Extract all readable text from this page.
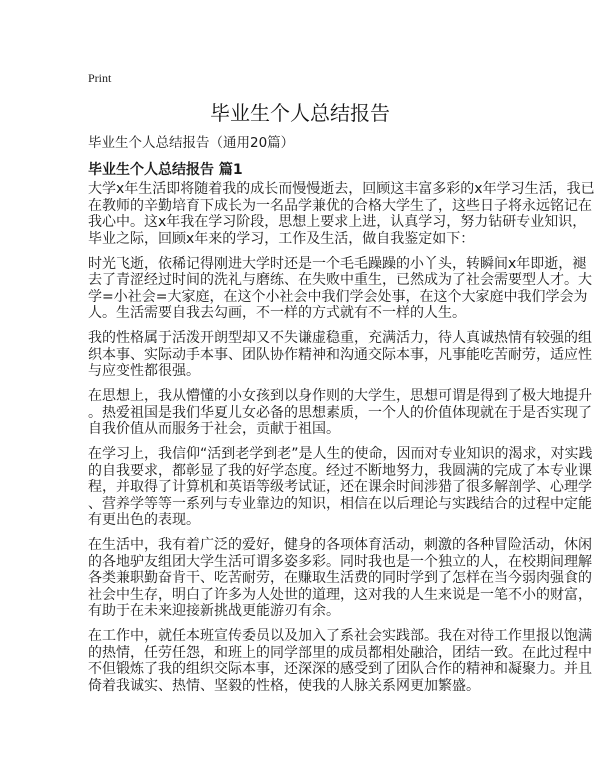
Print
毕业生个人总结报告
毕业生个人总结报告（通用20篇）
毕业生个人总结报告 篇1

大学x年生活即将随着我的成长而慢慢逝去，回顾这丰富多彩的x年学习生活，我已
在教师的辛勤培育下成长为一名品学兼优的合格大学生了，这些日子将永远铭记在
我心中。这x年我在学习阶段，思想上要求上进，认真学习，努力钻研专业知识，
毕业之际，回顾x年来的学习，工作及生活，做自我鉴定如下：

时光飞逝，依稀记得刚进大学时还是一个毛毛躁躁的小丫头，转瞬间x年即逝，褪
去了青涩经过时间的洗礼与磨练、在失败中重生，已然成为了社会需要型人才。大
学=小社会=大家庭，在这个小社会中我们学会处事，在这个大家庭中我们学会为
人。生活需要自我去勾画，不一样的方式就有不一样的人生。

我的性格属于活泼开朗型却又不失谦虚稳重，充满活力，待人真诚热情有较强的组
织本事、实际动手本事、团队协作精神和沟通交际本事，凡事能吃苦耐劳，适应性
与应变性都很强。

在思想上，我从懵懂的小女孩到以身作则的大学生，思想可谓是得到了极大地提升
。热爱祖国是我们华夏儿女必备的思想素质，一个人的价值体现就在于是否实现了
自我价值从而服务于社会，贡献于祖国。

在学习上，我信仰“活到老学到老”是人生的使命，因而对专业知识的渴求，对实践
的自我要求，都彰显了我的好学态度。经过不断地努力，我圆满的完成了本专业课
程，并取得了计算机和英语等级考试证，还在课余时间涉猎了很多解剖学、心理学
、营养学等等一系列与专业靠边的知识，相信在以后理论与实践结合的过程中定能
有更出色的表现。

在生活中，我有着广泛的爱好，健身的各项体育活动，刺激的各种冒险活动，休闲
的各地驴友组团大学生活可谓多姿多彩。同时我也是一个独立的人，在校期间理解
各类兼职勤奋肯干、吃苦耐劳，在赚取生活费的同时学到了怎样在当今弱肉强食的
社会中生存，明白了许多为人处世的道理，这对我的人生来说是一笔不小的财富，
有助于在未来迎接新挑战更能游刃有余。

在工作中，就任本班宣传委员以及加入了系社会实践部。我在对待工作里报以饱满
的热情，任劳任怨，和班上的同学部里的成员都相处融洽，团结一致。在此过程中
不但锻炼了我的组织交际本事，还深深的感受到了团队合作的精神和凝聚力。并且
倚着我诚实、热情、坚毅的性格，使我的人脉关系网更加繁盛。
